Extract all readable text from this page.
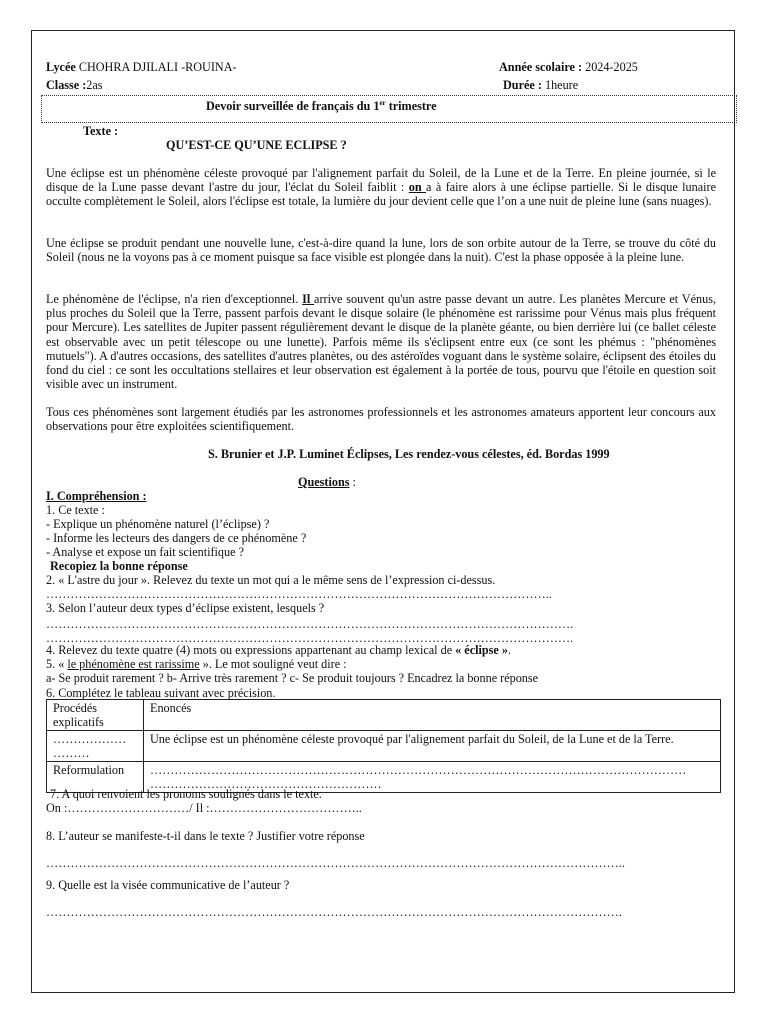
Lycée CHOHRA DJILALI -ROUINA-	Année scolaire : 2024-2025
Classe :2as	Durée : 1heure
Devoir surveillée de français du 1er trimestre
Texte :
QU’EST-CE QU’UNE ECLIPSE ?
Une éclipse est un phénomène céleste provoqué par l'alignement parfait du Soleil, de la Lune et de la Terre. En pleine journée, si le disque de la Lune passe devant l'astre du jour, l'éclat du Soleil faiblit : on a à faire alors à une éclipse partielle. Si le disque lunaire occulte complètement le Soleil, alors l'éclipse est totale, la lumière du jour devient celle que l’on a une nuit de pleine lune (sans nuages).
Une éclipse se produit pendant une nouvelle lune, c'est-à-dire quand la lune, lors de son orbite autour de la Terre, se trouve du côté du Soleil (nous ne la voyons pas à ce moment puisque sa face visible est plongée dans la nuit). C'est la phase opposée à la pleine lune.
Le phénomène de l'éclipse, n'a rien d'exceptionnel. Il arrive souvent qu'un astre passe devant un autre. Les planètes Mercure et Vénus, plus proches du Soleil que la Terre, passent parfois devant le disque solaire (le phénomène est rarissime pour Vénus mais plus fréquent pour Mercure). Les satellites de Jupiter passent régulièrement devant le disque de la planète géante, ou bien derrière lui (ce ballet céleste est observable avec un petit télescope ou une lunette). Parfois même ils s'éclipsent entre eux (ce sont les phémus : "phénomènes mutuels"). A d'autres occasions, des satellites d'autres planètes, ou des astéroïdes voguant dans le système solaire, éclipsent des étoiles du fond du ciel : ce sont les occultations stellaires et leur observation est également à la portée de tous, pourvu que l'étoile en question soit visible avec un instrument.
Tous ces phénomènes sont largement étudiés par les astronomes professionnels et les astronomes amateurs apportent leur concours aux observations pour être exploitées scientifiquement.
S. Brunier et J.P. Luminet Éclipses, Les rendez-vous célestes, éd. Bordas 1999
Questions :
I. Compréhension :
1. Ce texte :
- Explique un phénomène naturel (l’éclipse) ?
- Informe les lecteurs des dangers de ce phénomène ?
- Analyse et expose un fait scientifique ?
Recopiez la bonne réponse
2. « L'astre du jour ». Relevez du texte un mot qui a le même sens de l’expression ci-dessus.
……………………………………………………………………………………………………………..
3. Selon l’auteur deux types d’éclipse existent, lesquels ?
………………………………………………………………………………………………………………….
………………………………………………………………………………………………………………….
4. Relevez du texte quatre (4) mots ou expressions appartenant au champ lexical de « éclipse ».
5. « le phénomène est rarissime ». Le mot souligné veut dire :
a- Se produit rarement ? b- Arrive très rarement ? c- Se produit toujours ? Encadrez la bonne réponse
6. Complétez le tableau suivant avec précision.
Procédés explicatifs	Enoncés
……………… ………	Une éclipse est un phénomène céleste provoqué par l'alignement parfait du Soleil, de la Lune et de la Terre.
Reformulation	…………………………………………………………………………………………………………………… …………………………………………………
7. A quoi renvoient les pronoms soulignés dans le texte.
On :…………………………/ Il :………………………………..
8. L’auteur se manifeste-t-il dans le texte ? Justifier votre réponse
……………………………………………………………………………………………………………………………..
9. Quelle est la visée communicative de l’auteur ?
…………………………………………………………………………………………………………………………….
